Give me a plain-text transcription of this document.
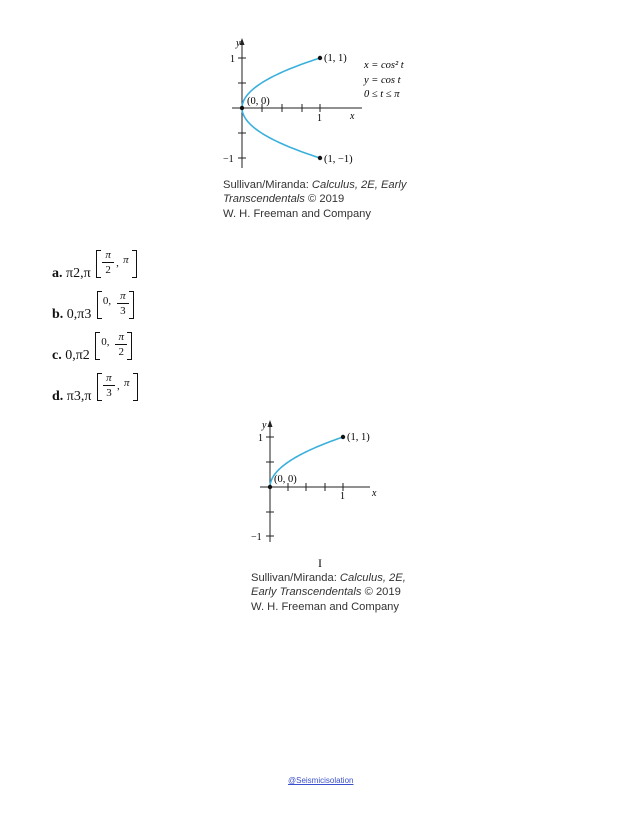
y
x
1
−1
1
(1, 1)
(0, 0)
(1, −1)
x = cos² t
y = cos t
0 ≤ t ≤ π
Sullivan/Miranda: Calculus, 2E, Early
Transcendentals © 2019
W. H. Freeman and Company
a. π2,π
π
2
, π
b. 0,π3
0, π
3
c. 0,π2
0, π
2
d. π3,π
π
3
, π
y
x
1
−1
1
(1, 1)
(0, 0)
I
Sullivan/Miranda: Calculus, 2E,
Early Transcendentals © 2019
W. H. Freeman and Company
@Seismicisolation
